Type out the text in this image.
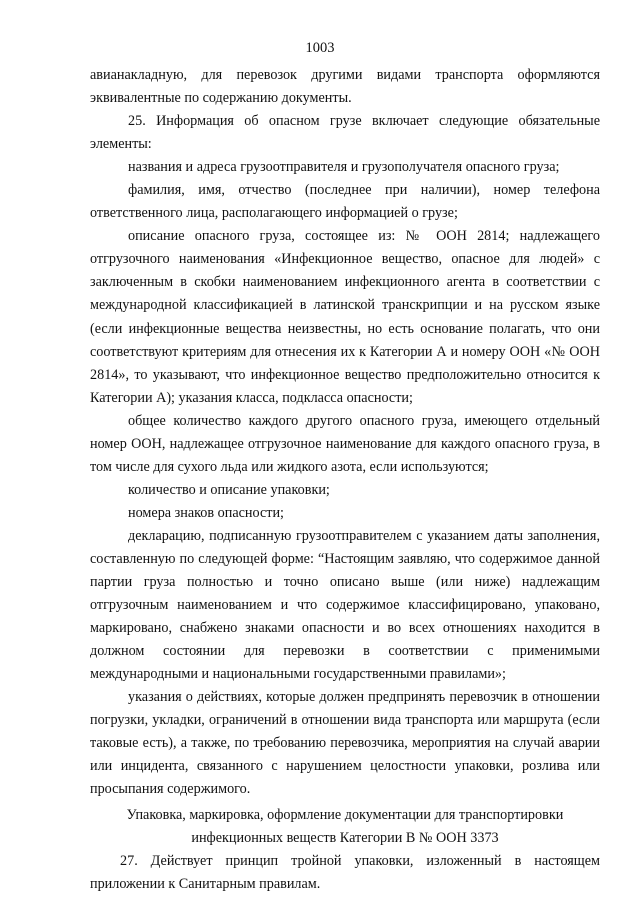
1003

авианакладную, для перевозок другими видами транспорта оформляются эквивалентные по содержанию документы.

25. Информация об опасном грузе включает следующие обязательные элементы:

названия и адреса грузоотправителя и грузополучателя опасного груза;

фамилия, имя, отчество (последнее при наличии), номер телефона ответственного лица, располагающего информацией о грузе;

описание опасного груза, состоящее из: № ООН 2814; надлежащего отгрузочного наименования «Инфекционное вещество, опасное для людей» с заключенным в скобки наименованием инфекционного агента в соответствии с международной классификацией в латинской транскрипции и на русском языке (если инфекционные вещества неизвестны, но есть основание полагать, что они соответствуют критериям для отнесения их к Категории А и номеру ООН «№ ООН 2814», то указывают, что инфекционное вещество предположительно относится к Категории А); указания класса, подкласса опасности;

общее количество каждого другого опасного груза, имеющего отдельный номер ООН, надлежащее отгрузочное наименование для каждого опасного груза, в том числе для сухого льда или жидкого азота, если используются;

количество и описание упаковки;

номера знаков опасности;

декларацию, подписанную грузоотправителем с указанием даты заполнения, составленную по следующей форме: “Настоящим заявляю, что содержимое данной партии груза полностью и точно описано выше (или ниже) надлежащим отгрузочным наименованием и что содержимое классифицировано, упаковано, маркировано, снабжено знаками опасности и во всех отношениях находится в должном состоянии для перевозки в соответствии с применимыми международными и национальными государственными правилами»;

указания о действиях, которые должен предпринять перевозчик в отношении погрузки, укладки, ограничений в отношении вида транспорта или маршрута (если таковые есть), а также, по требованию перевозчика, мероприятия на случай аварии или инцидента, связанного с нарушением целостности упаковки, розлива или просыпания содержимого.

Упаковка, маркировка, оформление документации для транспортировки

инфекционных веществ Категории В № ООН 3373

27. Действует принцип тройной упаковки, изложенный в настоящем приложении к Санитарным правилам.
